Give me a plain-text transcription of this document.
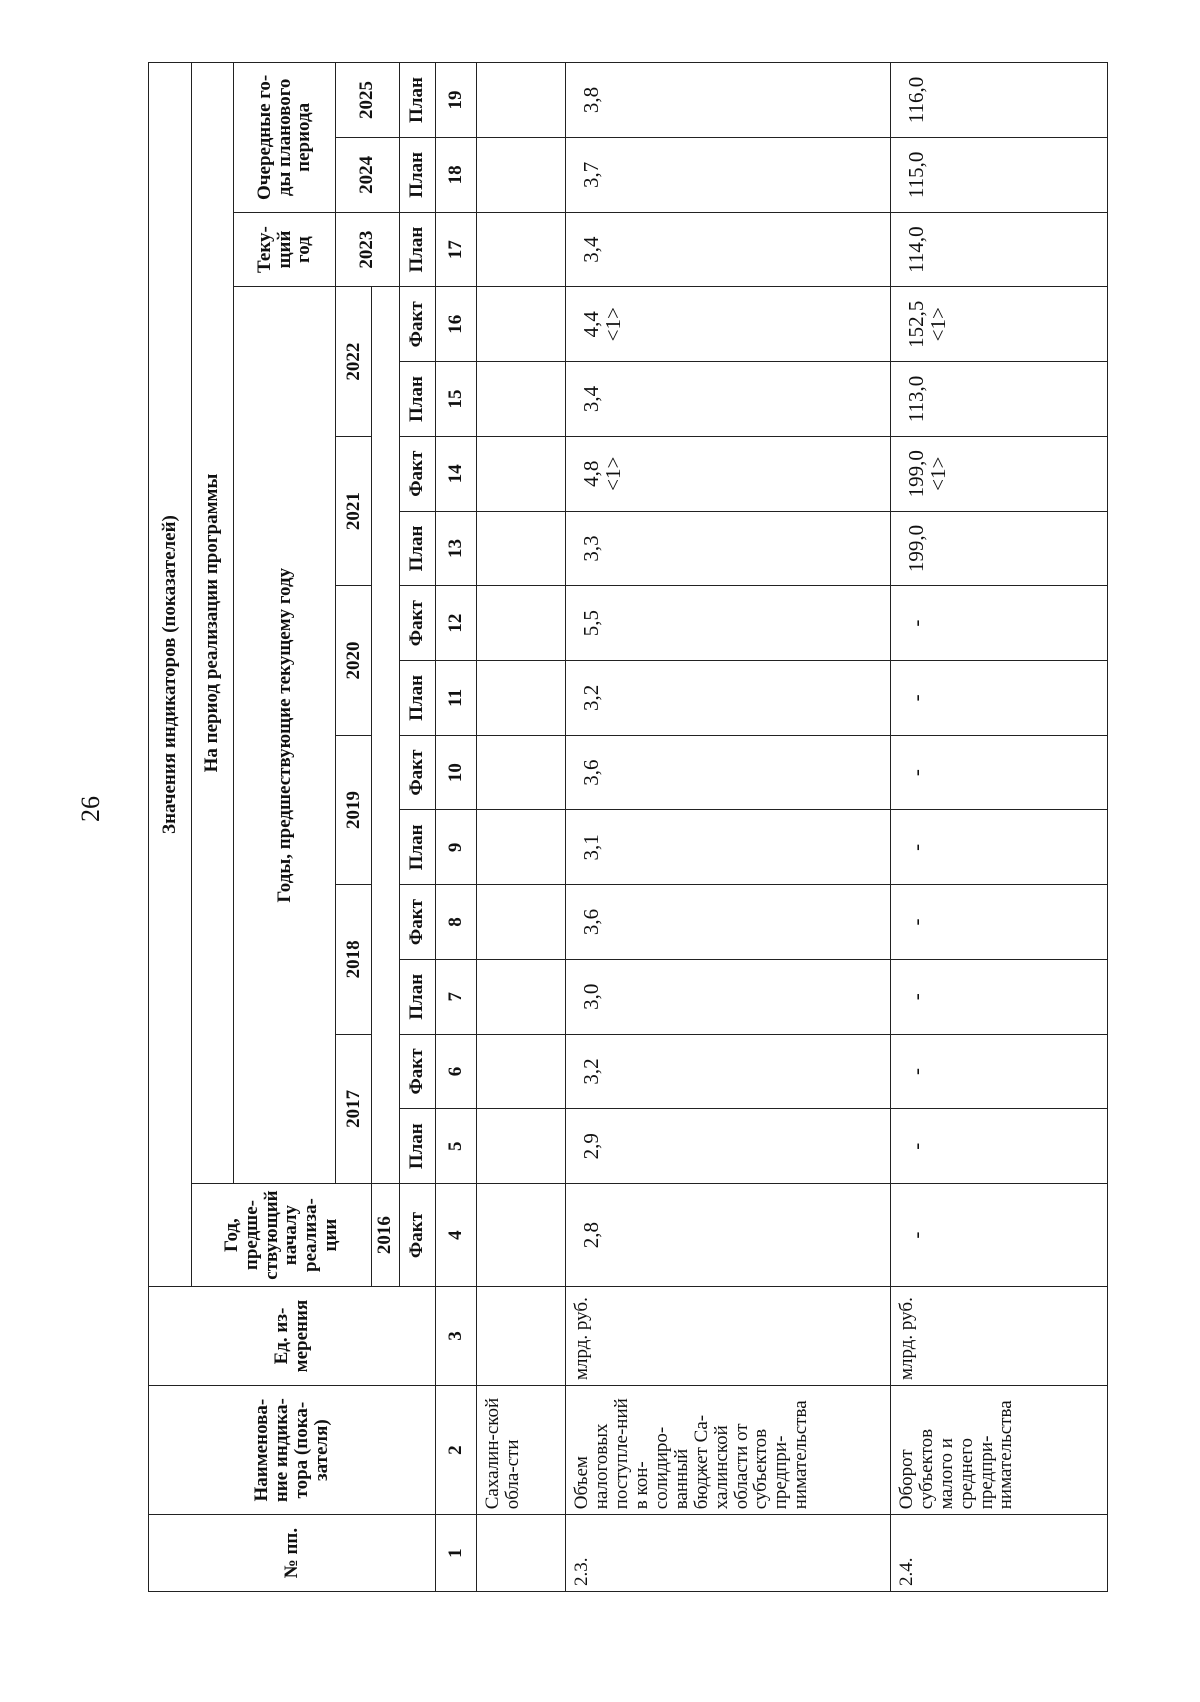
26
№ пп.	Наименова-ние индика-тора (пока-зателя)	Ед. из-мерения	Значения индикаторов (показателей)															
			Год, предше-ствующий началу реализа-ции	На период реализации программы														
				Годы, предшествующие текущему году												Теку-щий год	Очередные го-ды планового периода	
				2017		2018		2019		2020		2021		2022		2023	2024	2025
			2016															
			Факт	План	Факт	План	Факт	План	Факт	План	Факт	План	Факт	План	Факт	План	План	План
1	2	3	4	5	6	7	8	9	10	11	12	13	14	15	16	17	18	19
	Сахалин-ской обла-сти																	
2.3.	Объем налоговых поступле-ний в кон-солидиро-ванный бюджет Са-халинской области от субъектов предпри-нимательства	млрд. руб.	2,8	2,9	3,2	3,0	3,6	3,1	3,6	3,2	5,5	3,3	4,8 <1>	3,4	4,4 <1>	3,4	3,7	3,8
2.4.	Оборот субъектов малого и среднего предпри-нимательства	млрд. руб.	-	-	-	-	-	-	-	-	-	199,0	199,0 <1>	113,0	152,5 <1>	114,0	115,0	116,0
